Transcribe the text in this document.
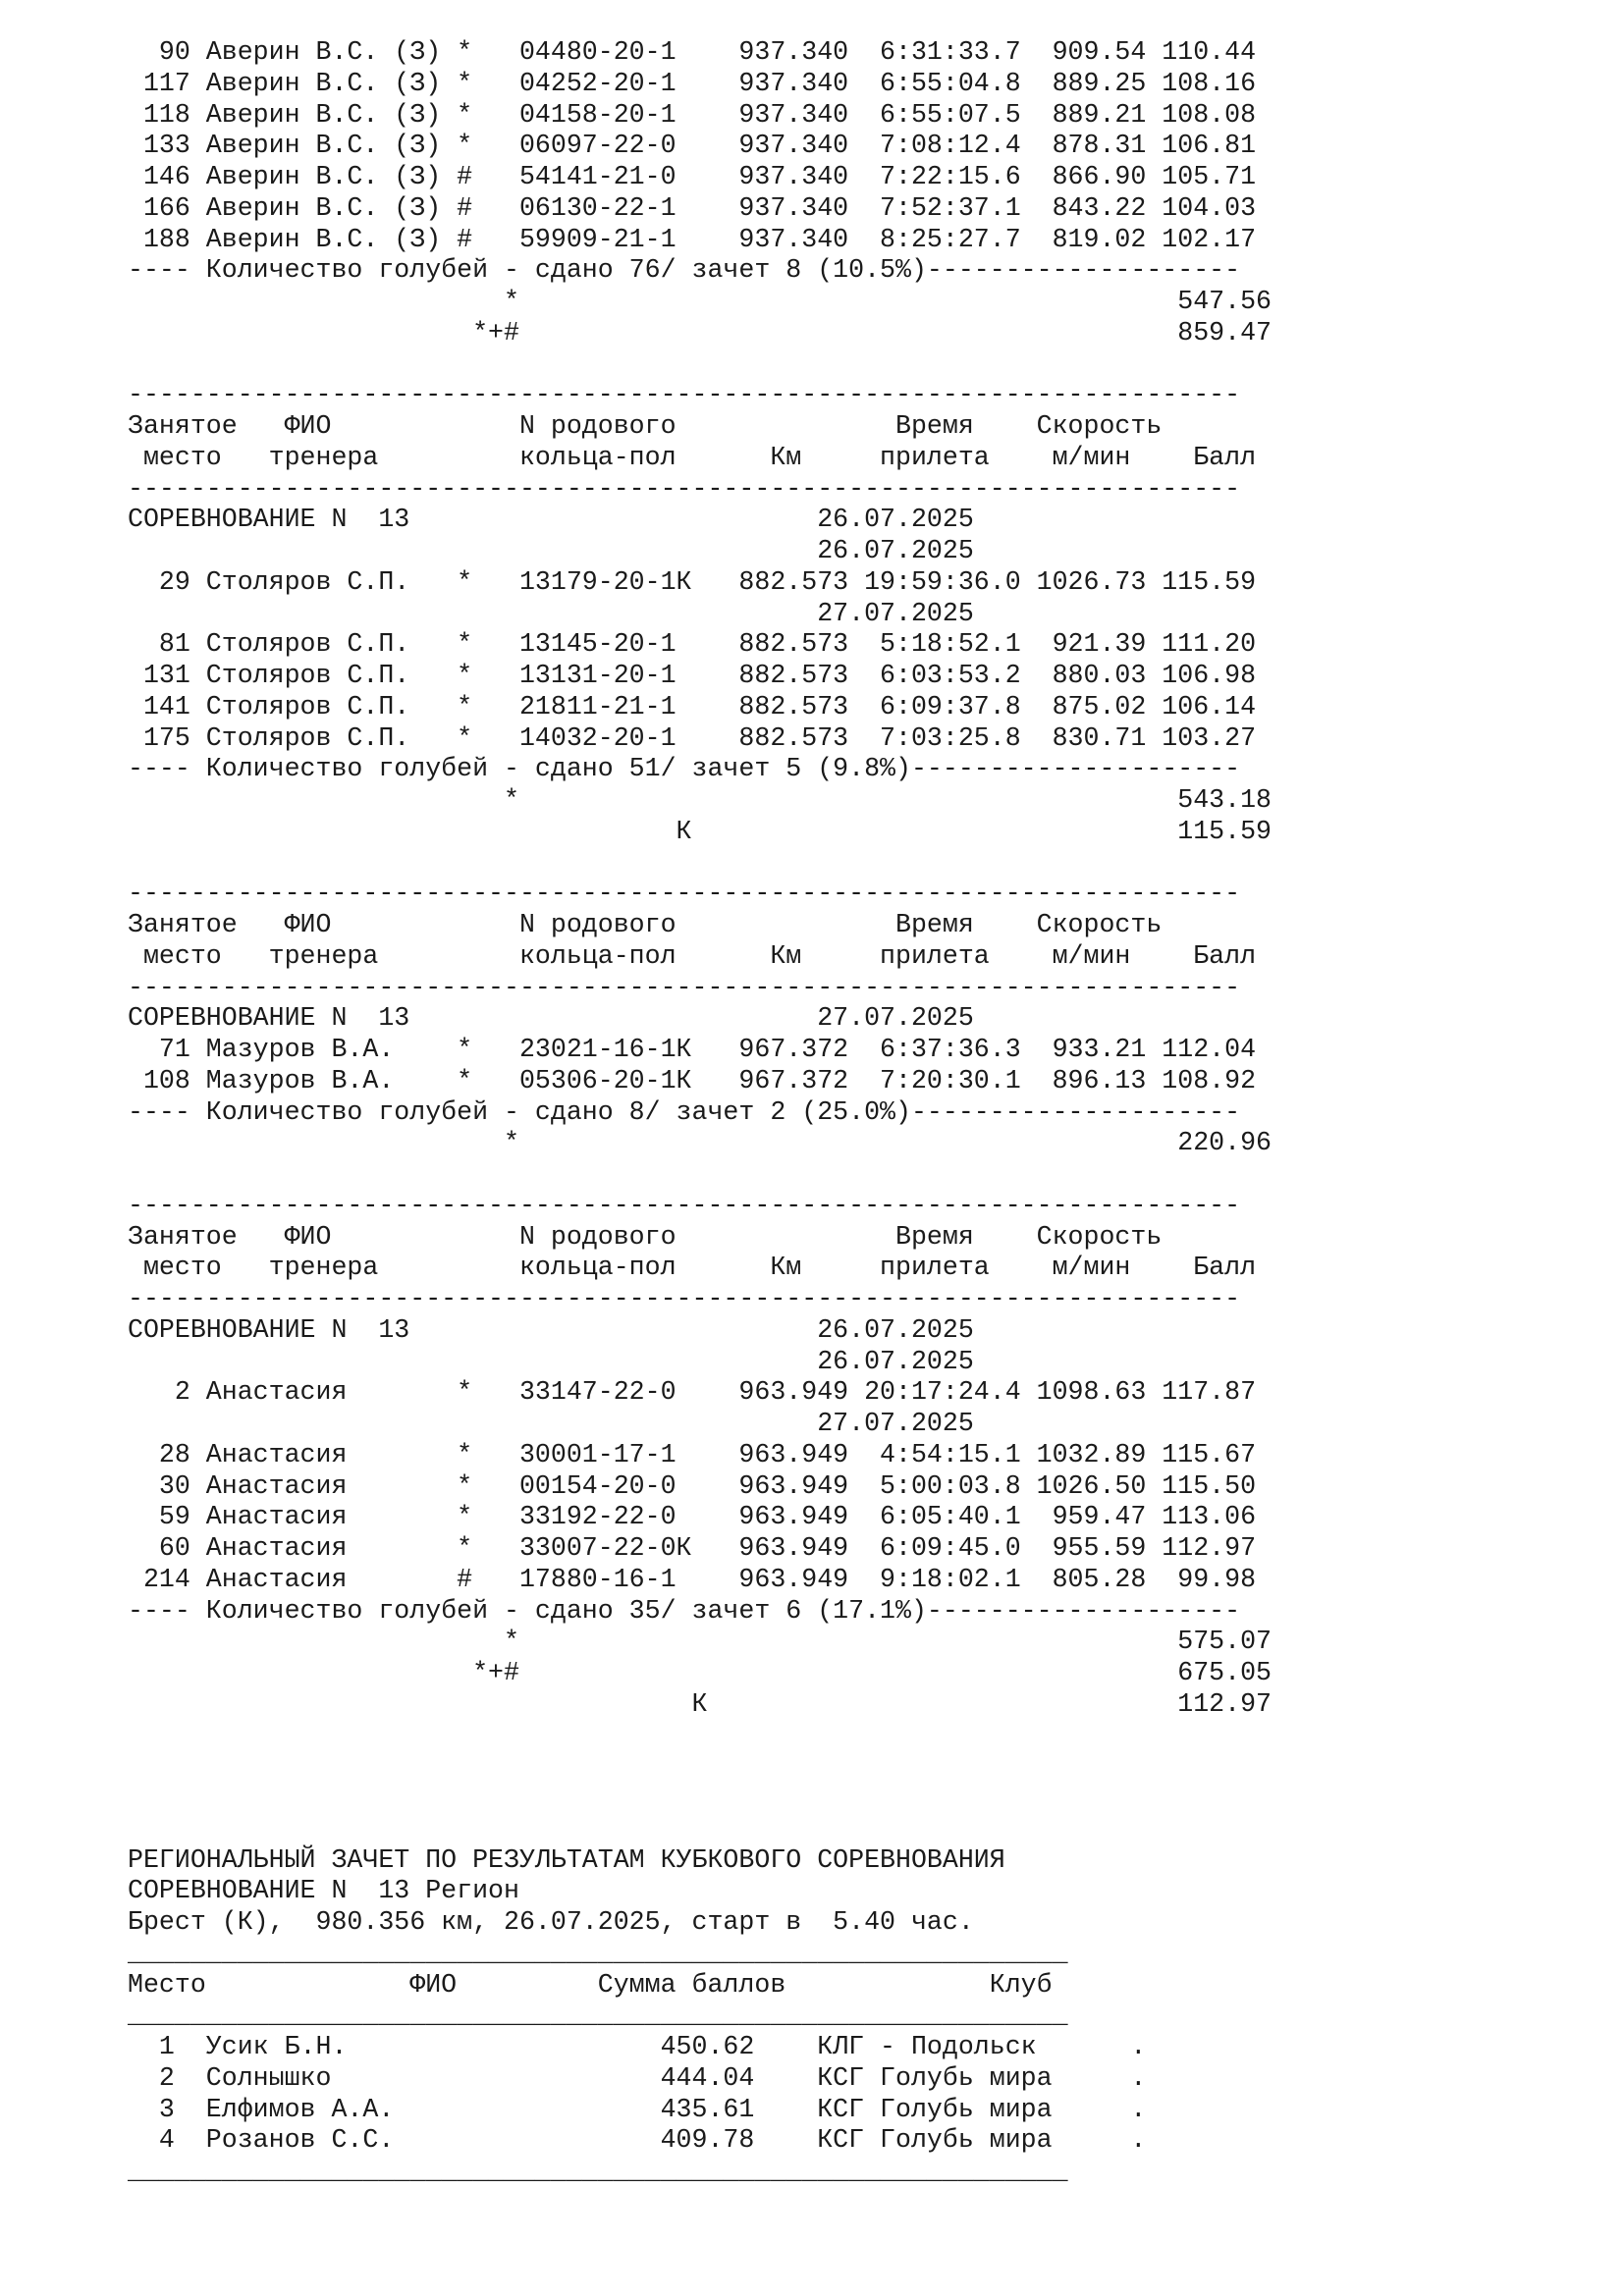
90 Аверин В.С. (З) *   04480-20-1    937.340  6:31:33.7  909.54 110.44
117 Аверин В.С. (З) *   04252-20-1    937.340  6:55:04.8  889.25 108.16
118 Аверин В.С. (З) *   04158-20-1    937.340  6:55:07.5  889.21 108.08
133 Аверин В.С. (З) *   06097-22-0    937.340  7:08:12.4  878.31 106.81
146 Аверин В.С. (З) #   54141-21-0    937.340  7:22:15.6  866.90 105.71
166 Аверин В.С. (З) #   06130-22-1    937.340  7:52:37.1  843.22 104.03
188 Аверин В.С. (З) #   59909-21-1    937.340  8:25:27.7  819.02 102.17
---- Количество голубей - сдано 76/ зачет 8 (10.5%)--------------------
*                                          547.56
*+#                                          859.47
-----------------------------------------------------------------------
Занятое   ФИО            N родового              Время    Скорость
место   тренера         кольца-пол      Км     прилета    м/мин    Балл
-----------------------------------------------------------------------
СОРЕВНОВАНИЕ N  13                          26.07.2025
26.07.2025
29 Столяров С.П.   *   13179-20-1К   882.573 19:59:36.0 1026.73 115.59
27.07.2025
81 Столяров С.П.   *   13145-20-1    882.573  5:18:52.1  921.39 111.20
131 Столяров С.П.   *   13131-20-1    882.573  6:03:53.2  880.03 106.98
141 Столяров С.П.   *   21811-21-1    882.573  6:09:37.8  875.02 106.14
175 Столяров С.П.   *   14032-20-1    882.573  7:03:25.8  830.71 103.27
---- Количество голубей - сдано 51/ зачет 5 (9.8%)---------------------
*                                          543.18
К                               115.59
-----------------------------------------------------------------------
Занятое   ФИО            N родового              Время    Скорость
место   тренера         кольца-пол      Км     прилета    м/мин    Балл
-----------------------------------------------------------------------
СОРЕВНОВАНИЕ N  13                          27.07.2025
71 Мазуров В.А.    *   23021-16-1К   967.372  6:37:36.3  933.21 112.04
108 Мазуров В.А.    *   05306-20-1К   967.372  7:20:30.1  896.13 108.92
---- Количество голубей - сдано 8/ зачет 2 (25.0%)---------------------
*                                          220.96
-----------------------------------------------------------------------
Занятое   ФИО            N родового              Время    Скорость
место   тренера         кольца-пол      Км     прилета    м/мин    Балл
-----------------------------------------------------------------------
СОРЕВНОВАНИЕ N  13                          26.07.2025
26.07.2025
2 Анастасия       *   33147-22-0    963.949 20:17:24.4 1098.63 117.87
27.07.2025
28 Анастасия       *   30001-17-1    963.949  4:54:15.1 1032.89 115.67
30 Анастасия       *   00154-20-0    963.949  5:00:03.8 1026.50 115.50
59 Анастасия       *   33192-22-0    963.949  6:05:40.1  959.47 113.06
60 Анастасия       *   33007-22-0К   963.949  6:09:45.0  955.59 112.97
214 Анастасия       #   17880-16-1    963.949  9:18:02.1  805.28  99.98
---- Количество голубей - сдано 35/ зачет 6 (17.1%)--------------------
*                                          575.07
*+#                                          675.05
К                              112.97
РЕГИОНАЛЬНЫЙ ЗАЧЕТ ПО РЕЗУЛЬТАТАМ КУБКОВОГО СОРЕВНОВАНИЯ
СОРЕВНОВАНИЕ N  13 Регион
Брест (К),  980.356 км, 26.07.2025, старт в  5.40 час.
____________________________________________________________
Место             ФИО         Сумма баллов             Клуб
____________________________________________________________
1  Усик Б.Н.                    450.62    КЛГ - Подольск      .
2  Солнышко                     444.04    КСГ Голубь мира     .
3  Елфимов А.А.                 435.61    КСГ Голубь мира     .
4  Розанов С.С.                 409.78    КСГ Голубь мира     .
____________________________________________________________
